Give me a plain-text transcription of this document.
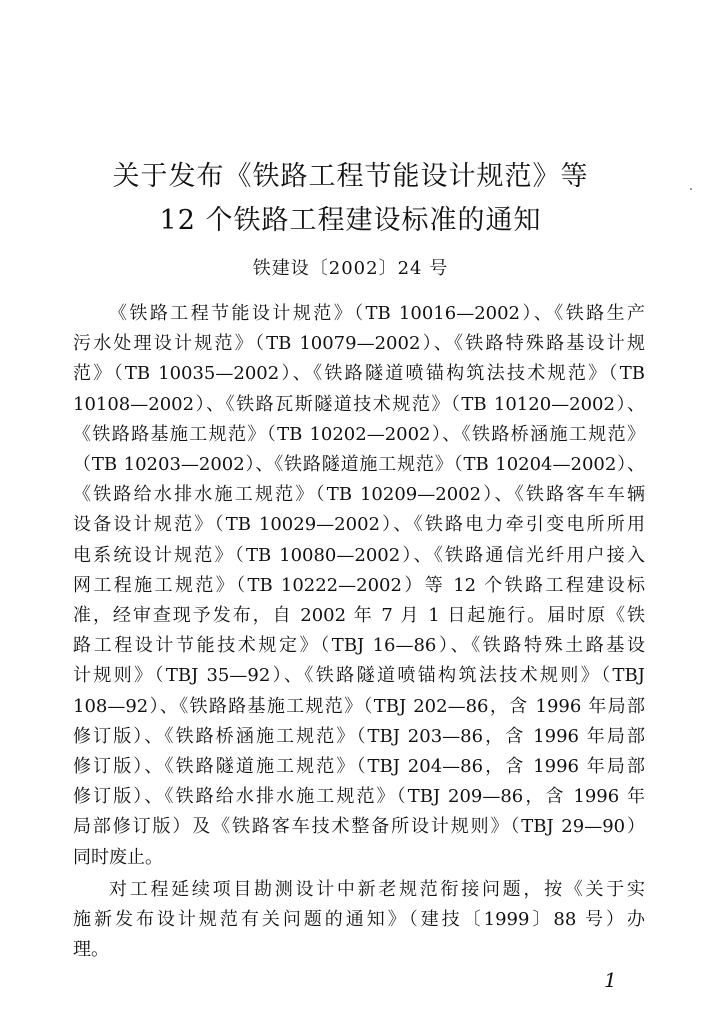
关于发布《铁路工程节能设计规范》等
12 个铁路工程建设标准的通知
铁建设〔2002〕24 号
《铁路工程节能设计规范》（TB 10016—2002）、《铁路生产
污水处理设计规范》（TB 10079—2002）、《铁路特殊路基设计规
范》（TB 10035—2002）、《铁路隧道喷锚构筑法技术规范》（TB
10108—2002）、《铁路瓦斯隧道技术规范》（TB 10120—2002）、
《铁路路基施工规范》（TB 10202—2002）、《铁路桥涵施工规范》
（TB 10203—2002）、《铁路隧道施工规范》（TB 10204—2002）、
《铁路给水排水施工规范》（TB 10209—2002）、《铁路客车车辆
设备设计规范》（TB 10029—2002）、《铁路电力牵引变电所所用
电系统设计规范》（TB 10080—2002）、《铁路通信光纤用户接入
网工程施工规范》（TB 10222—2002）等 12 个铁路工程建设标
准，经审查现予发布，自 2002 年 7 月 1 日起施行。届时原《铁
路工程设计节能技术规定》（TBJ 16—86）、《铁路特殊土路基设
计规则》（TBJ 35—92）、《铁路隧道喷锚构筑法技术规则》（TBJ
108—92）、《铁路路基施工规范》（TBJ 202—86，含 1996 年局部
修订版）、《铁路桥涵施工规范》（TBJ 203—86，含 1996 年局部
修订版）、《铁路隧道施工规范》（TBJ 204—86，含 1996 年局部
修订版）、《铁路给水排水施工规范》（TBJ 209—86，含 1996 年
局部修订版）及《铁路客车技术整备所设计规则》（TBJ 29—90）
同时废止。
对工程延续项目勘测设计中新老规范衔接问题，按《关于实
施新发布设计规范有关问题的通知》（建技〔1999〕88 号）办
理。
1
